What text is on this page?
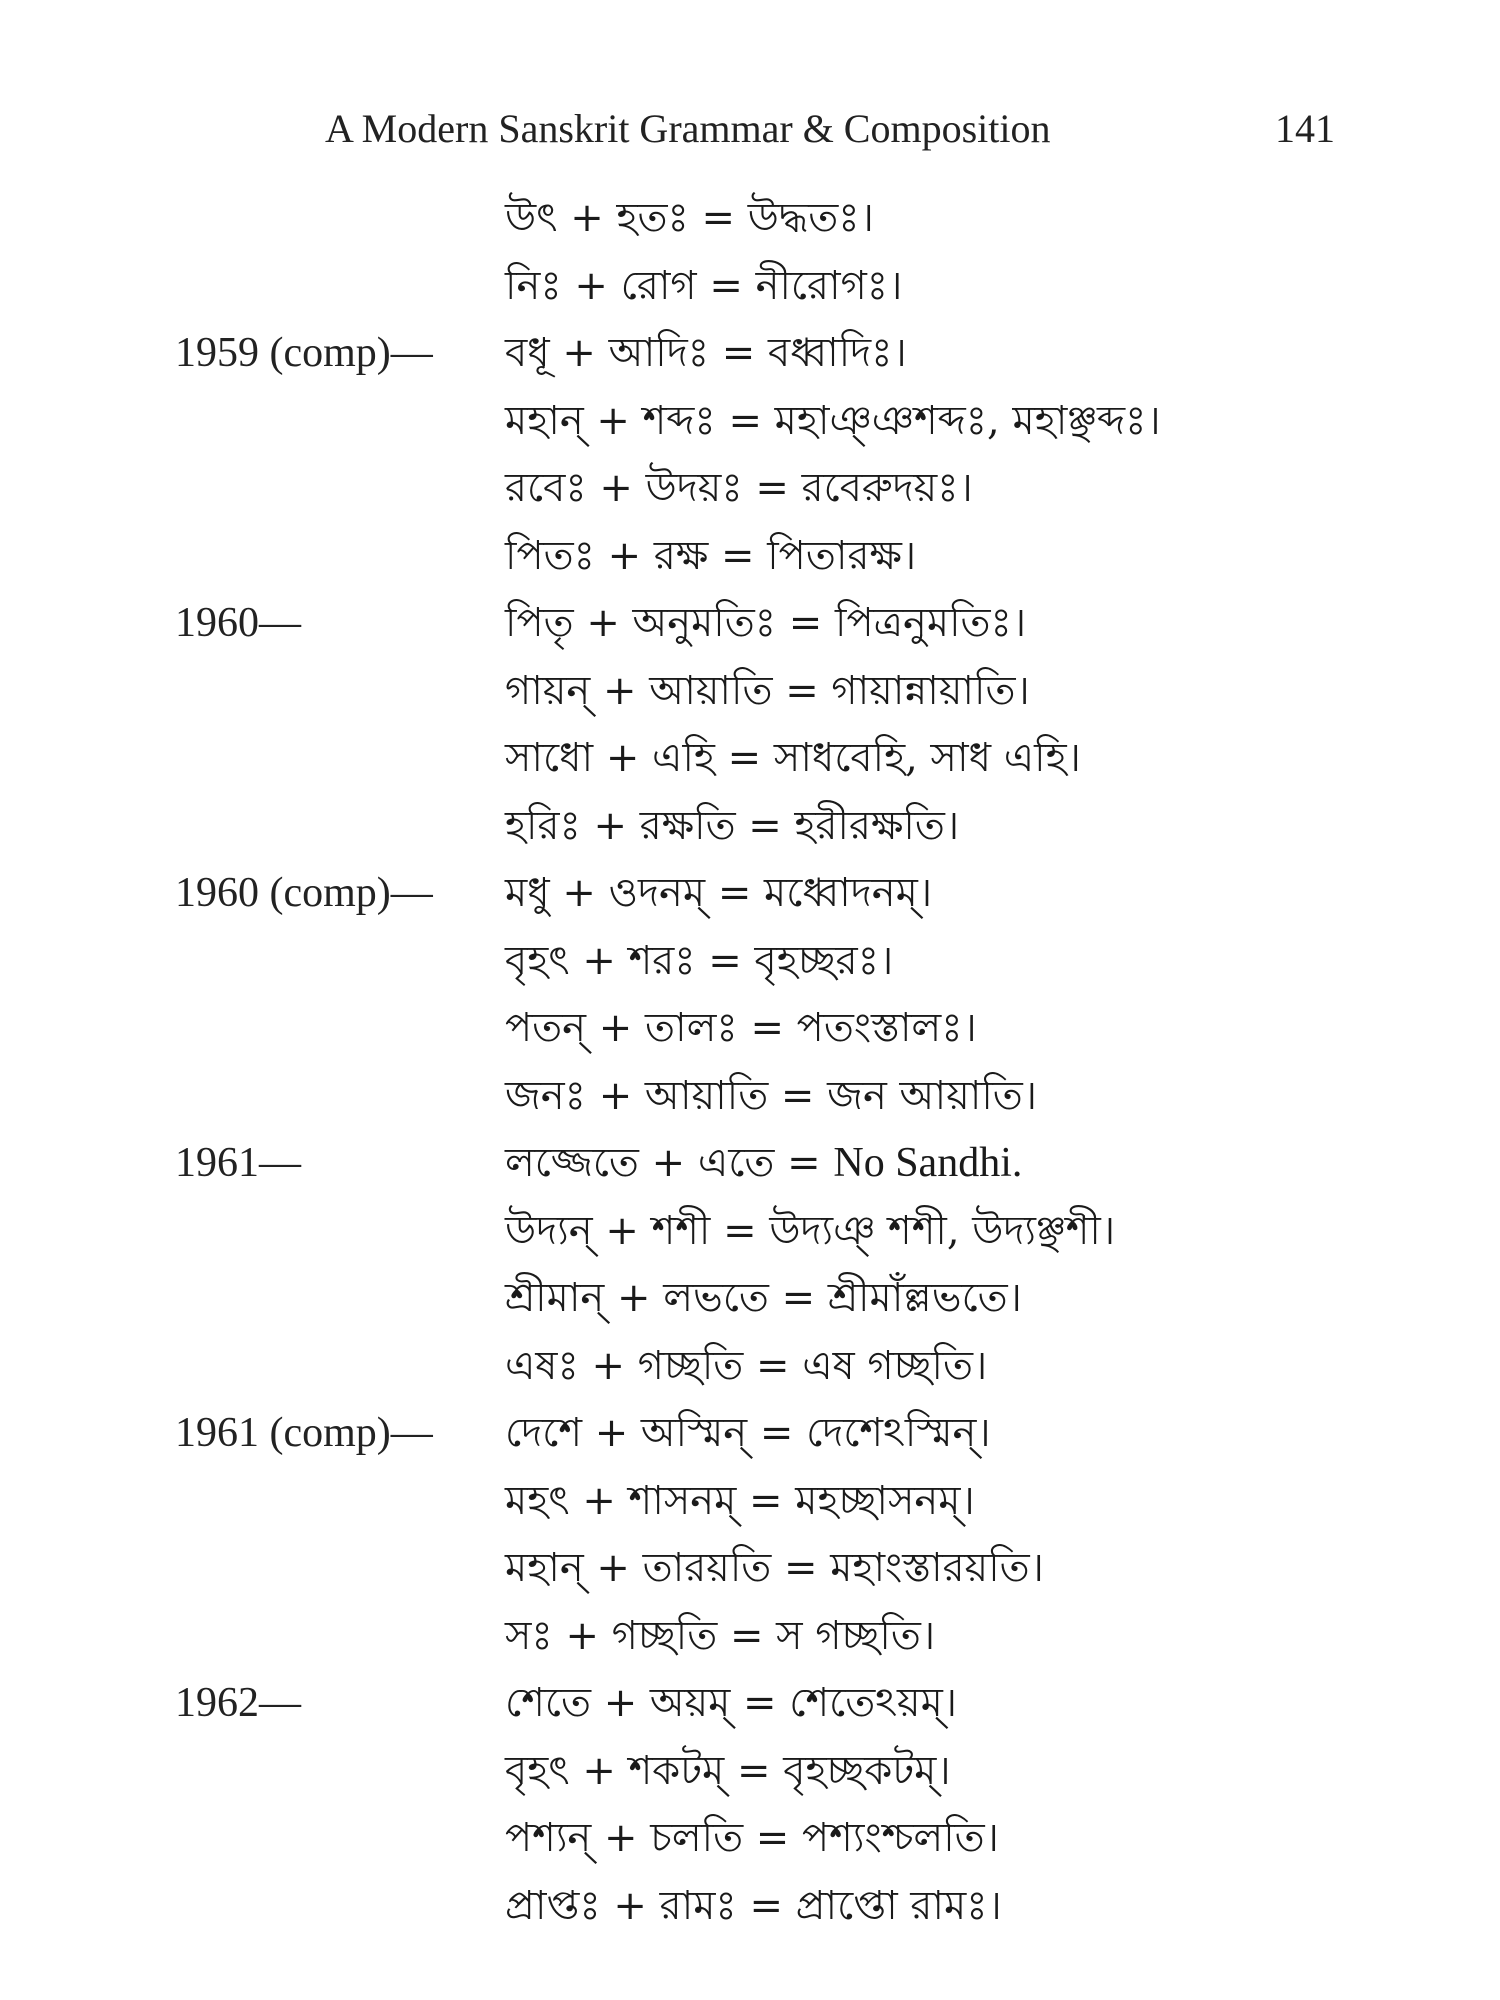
A Modern Sanskrit Grammar & Composition	141
উৎ + হতঃ = উদ্ধতঃ।
নিঃ + রোগ = নীরোগঃ।
1959 (comp)— বধূ + আদিঃ = বধ্বাদিঃ।
মহান্‌ + শব্দঃ = মহাঞ্ঞশব্দঃ, মহাঞ্ছব্দঃ।
রবেঃ + উদয়ঃ = রবেরুদয়ঃ।
পিতঃ + রক্ষ = পিতারক্ষ।
1960—	পিতৃ + অনুমতিঃ = পিত্রনুমতিঃ।
গায়ন্‌ + আয়াতি = গায়ান্নায়াতি।
সাধো + এহি = সাধবেহি, সাধ এহি।
হরিঃ + রক্ষতি = হরীরক্ষতি।
1960 (comp)— মধু + ওদনম্‌ = মধ্বোদনম্‌।
বৃহৎ + শরঃ = বৃহচ্ছরঃ।
পতন্‌ + তালঃ = পতংস্তালঃ।
জনঃ + আয়াতি = জন আয়াতি।
1961—	লজ্জেতে + এতে = No Sandhi.
উদ্যন্‌ + শশী = উদ্যঞ্‌ শশী, উদ্যঞ্ছশী।
শ্রীমান্‌ + লভতে = শ্রীমাঁল্লভতে।
এষঃ + গচ্ছতি = এষ গচ্ছতি।
1961 (comp)— দেশে + অস্মিন্‌ = দেশেঽস্মিন্‌।
মহৎ + শাসনম্‌ = মহচ্ছাসনম্‌।
মহান্‌ + তারয়তি = মহাংস্তারয়তি।
সঃ + গচ্ছতি = স গচ্ছতি।
1962—	শেতে + অয়ম্‌ = শেতেঽয়ম্‌।
বৃহৎ + শকটম্‌ = বৃহচ্ছকটম্‌।
পশ্যন্‌ + চলতি = পশ্যংশ্চলতি।
প্রাপ্তঃ + রামঃ = প্রাপ্তো রামঃ।
